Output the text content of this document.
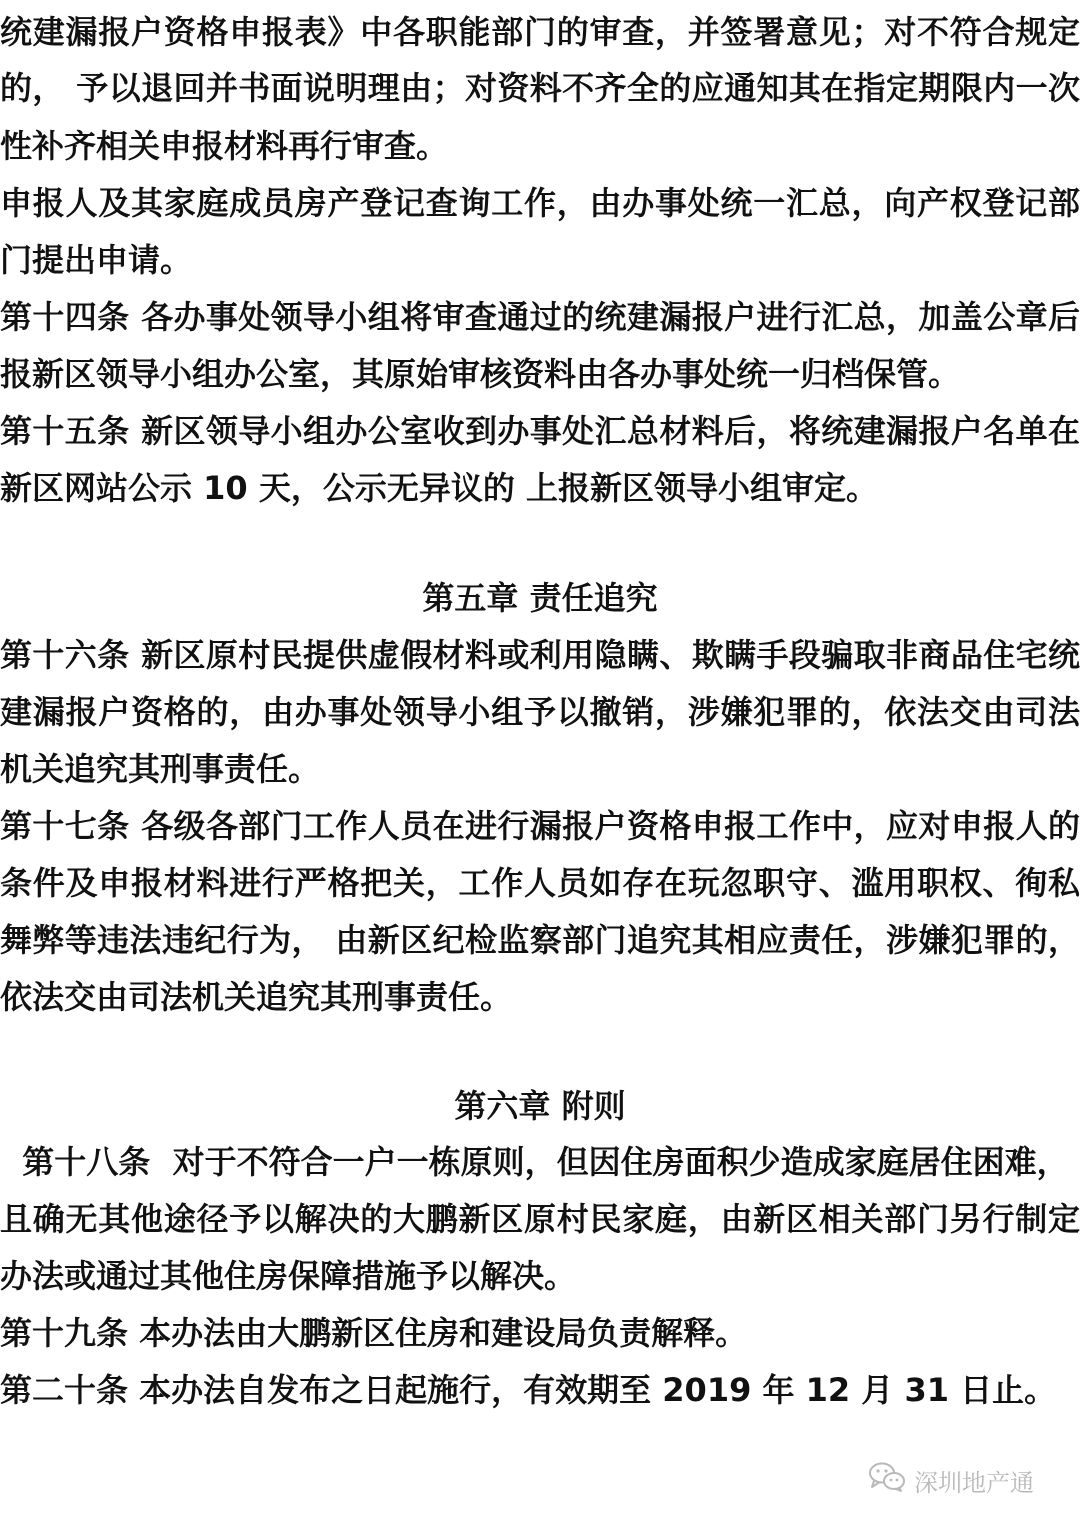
统建漏报户资格申报表》中各职能部门的审查，并签署意见；对不符合规定
的， 予以退回并书面说明理由；对资料不齐全的应通知其在指定期限内一次
性补齐相关申报材料再行审查。
申报人及其家庭成员房产登记查询工作，由办事处统一汇总，向产权登记部
门提出申请。
第十四条 各办事处领导小组将审查通过的统建漏报户进行汇总，加盖公章后
报新区领导小组办公室，其原始审核资料由各办事处统一归档保管。
第十五条 新区领导小组办公室收到办事处汇总材料后，将统建漏报户名单在
新区网站公示 10 天，公示无异议的 上报新区领导小组审定。
第五章 责任追究
第十六条 新区原村民提供虚假材料或利用隐瞒、欺瞒手段骗取非商品住宅统
建漏报户资格的，由办事处领导小组予以撤销，涉嫌犯罪的，依法交由司法
机关追究其刑事责任。
第十七条 各级各部门工作人员在进行漏报户资格申报工作中，应对申报人的
条件及申报材料进行严格把关，工作人员如存在玩忽职守、滥用职权、徇私
舞弊等违法违纪行为， 由新区纪检监察部门追究其相应责任，涉嫌犯罪的，
依法交由司法机关追究其刑事责任。
第六章 附则
第十八条  对于不符合一户一栋原则，但因住房面积少造成家庭居住困难，
且确无其他途径予以解决的大鹏新区原村民家庭，由新区相关部门另行制定
办法或通过其他住房保障措施予以解决。
第十九条 本办法由大鹏新区住房和建设局负责解释。
第二十条 本办法自发布之日起施行，有效期至 2019 年 12 月 31 日止。
深圳地产通
